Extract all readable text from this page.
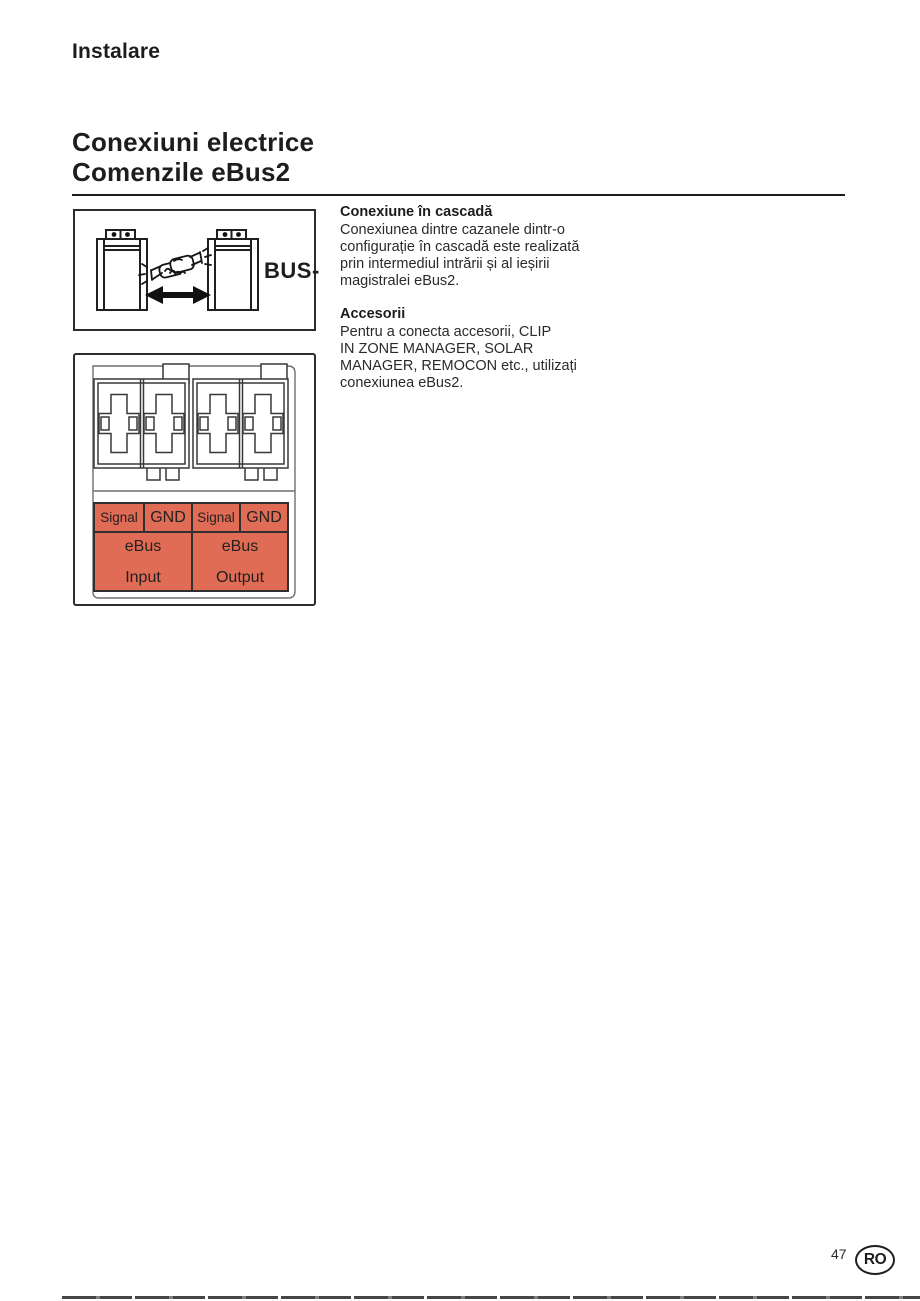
Instalare
Conexiuni electrice
Comenzile eBus2
BUS-
Signal GND Signal GND
eBus
Input
eBus
Output
Conexiune în cascadă
Conexiunea dintre cazanele dintr-o
configurație în cascadă este realizată
prin intermediul intrării și al ieșirii
magistralei eBus2.
Accesorii
Pentru a conecta accesorii, CLIP
IN ZONE MANAGER, SOLAR
MANAGER, REMOCON etc., utilizați
conexiunea eBus2.
47 RO
